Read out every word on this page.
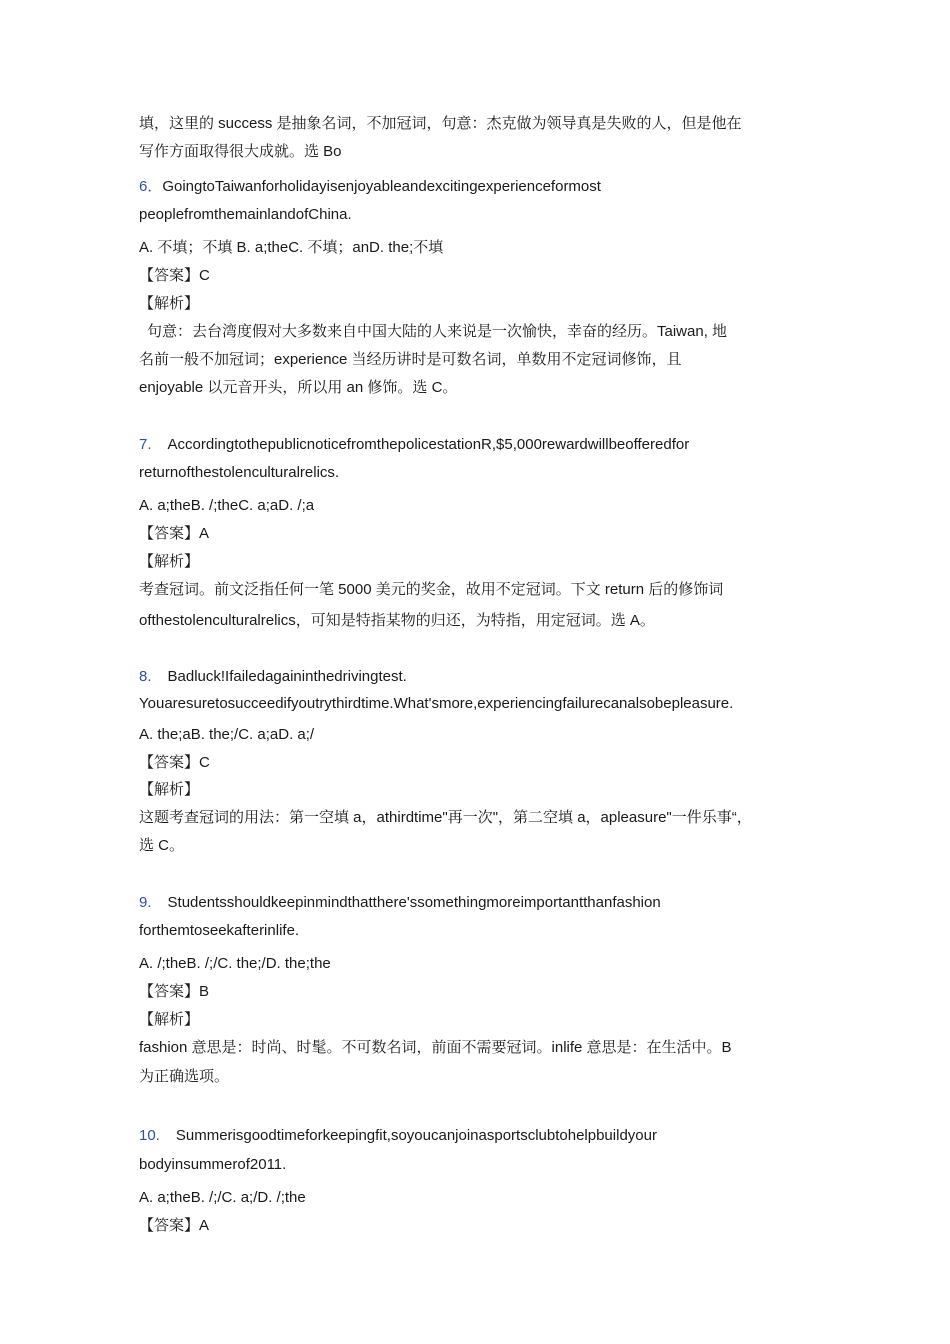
填，这里的 success 是抽象名词，不加冠词，句意：杰克做为领导真是失败的人，但是他在
写作方面取得很大成就。选 Bo
6．GoingtoTaiwanforholidayisenjoyableandexcitingexperienceformost
peoplefromthemainlandofChina.
A. 不填；不填 B. a;theC. 不填；anD. the;不填
【答案】C
【解析】
句意：去台湾度假对大多数来自中国大陆的人来说是一次愉快，幸奋的经历。Taiwan, 地
名前一般不加冠词；experience 当经历讲时是可数名词，单数用不定冠词修饰，且
enjoyable 以元音开头，所以用 an 修饰。选 C。
7. AccordingtothepublicnoticefromthepolicestationR,$5,000rewardwillbeofferedfor
returnofthestolenculturalrelics.
A. a;theB. /;theC. a;aD. /;a
【答案】A
【解析】
考查冠词。前文泛指任何一笔 5000 美元的奖金，故用不定冠词。下文 return 后的修饰词
ofthestolenculturalrelics，可知是特指某物的归还，为特指，用定冠词。选 A。
8. Badluck!Ifailedagaininthedrivingtest.
Youaresuretosucceedifyoutrythirdtime.What'smore,experiencingfailurecanalsobepleasure.
A. the;aB. the;/C. a;aD. a;/
【答案】C
【解析】
这题考查冠词的用法：第一空填 a，athirdtime"再一次"，第二空填 a，apleasure"一件乐事“，
选 C。
9. Studentsshouldkeepinmindthatthere'ssomethingmoreimportantthanfashion
forthemtoseekafterinlife.
A. /;theB. /;/C. the;/D. the;the
【答案】B
【解析】
fashion 意思是：时尚、时髦。不可数名词，前面不需要冠词。inlife 意思是：在生活中。B
为正确选项。
10. Summerisgoodtimeforkeepingfit,soyoucanjoinasportsclubtohelpbuildyour
bodyinsummerof2011.
A. a;theB. /;/C. a;/D. /;the
【答案】A
